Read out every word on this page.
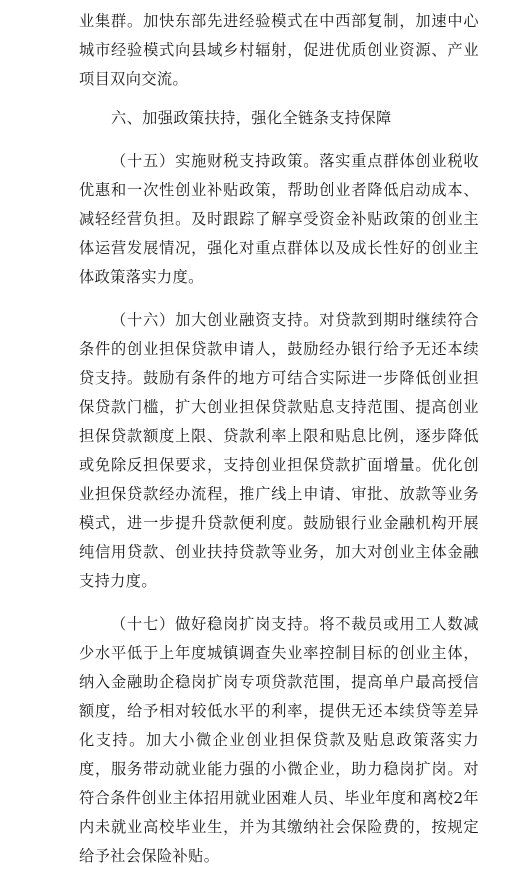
业集群。加快东部先进经验模式在中西部复制，加速中心城市经验模式向县域乡村辐射，促进优质创业资源、产业项目双向交流。

六、加强政策扶持，强化全链条支持保障

（十五）实施财税支持政策。落实重点群体创业税收优惠和一次性创业补贴政策，帮助创业者降低启动成本、减轻经营负担。及时跟踪了解享受资金补贴政策的创业主体运营发展情况，强化对重点群体以及成长性好的创业主体政策落实力度。

（十六）加大创业融资支持。对贷款到期时继续符合条件的创业担保贷款申请人，鼓励经办银行给予无还本续贷支持。鼓励有条件的地方可结合实际进一步降低创业担保贷款门槛，扩大创业担保贷款贴息支持范围、提高创业担保贷款额度上限、贷款利率上限和贴息比例，逐步降低或免除反担保要求，支持创业担保贷款扩面增量。优化创业担保贷款经办流程，推广线上申请、审批、放款等业务模式，进一步提升贷款便利度。鼓励银行业金融机构开展纯信用贷款、创业扶持贷款等业务，加大对创业主体金融支持力度。

（十七）做好稳岗扩岗支持。将不裁员或用工人数减少水平低于上年度城镇调查失业率控制目标的创业主体，纳入金融助企稳岗扩岗专项贷款范围，提高单户最高授信额度，给予相对较低水平的利率，提供无还本续贷等差异化支持。加大小微企业创业担保贷款及贴息政策落实力度，服务带动就业能力强的小微企业，助力稳岗扩岗。对符合条件创业主体招用就业困难人员、毕业年度和离校2年内未就业高校毕业生，并为其缴纳社会保险费的，按规定给予社会保险补贴。
